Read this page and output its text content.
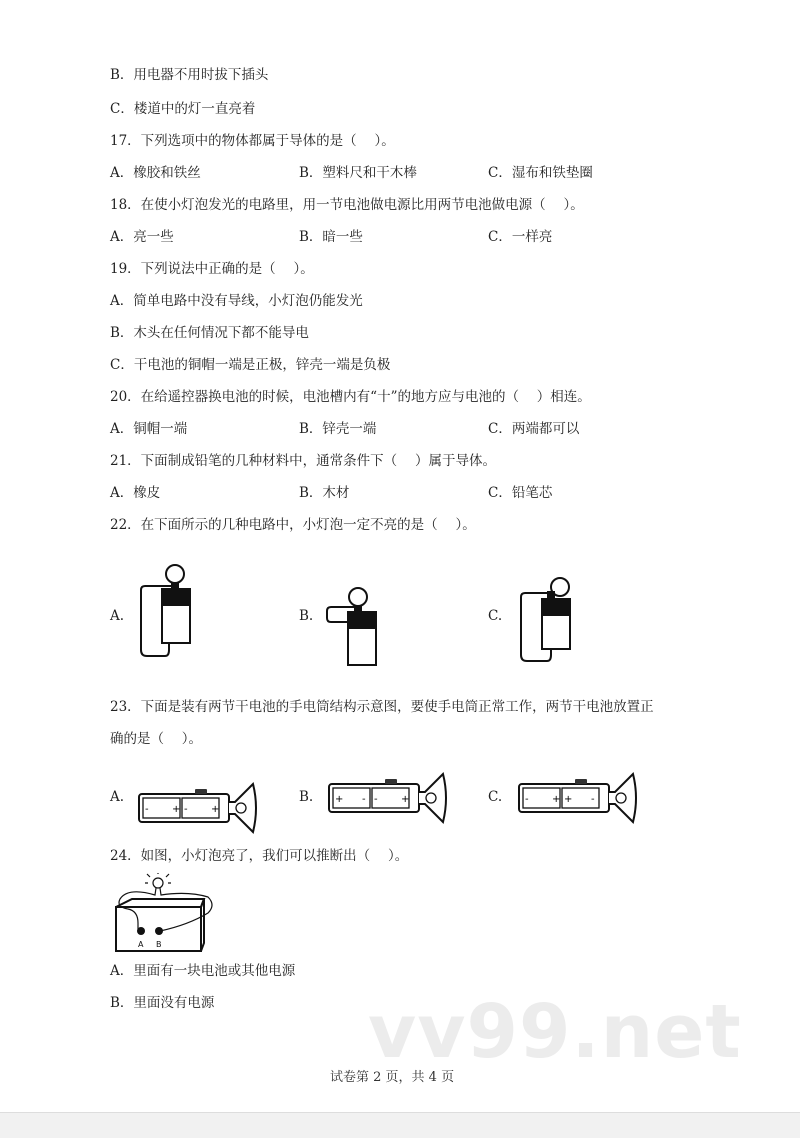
B．用电器不用时拔下插头
C．楼道中的灯一直亮着
17．下列选项中的物体都属于导体的是（　 ）。
A．橡胶和铁丝	B．塑料尺和干木棒	C．湿布和铁垫圈
18．在使小灯泡发光的电路里，用一节电池做电源比用两节电池做电源（　 ）。
A．亮一些	B．暗一些	C．一样亮
19．下列说法中正确的是（　 ）。
A．简单电路中没有导线，小灯泡仍能发光
B．木头在任何情况下都不能导电
C．干电池的铜帽一端是正极，锌壳一端是负极
20．在给遥控器换电池的时候，电池槽内有“十”的地方应与电池的（　 ）相连。
A．铜帽一端	B．锌壳一端	C．两端都可以
21．下面制成铅笔的几种材料中，通常条件下（　 ）属于导体。
A．橡皮	B．木材	C．铅笔芯
22．在下面所示的几种电路中，小灯泡一定不亮的是（　 ）。
A.	B.	C.
23．下面是装有两节干电池的手电筒结构示意图，要使手电筒正常工作，两节干电池放置正
确的是（　 ）。
A.	B.	C.
- + - +
+ - - +	- + + -
24．如图，小灯泡亮了，我们可以推断出（　 ）。
A B
A．里面有一块电池或其他电源
B．里面没有电源 vv99.net
试卷第 2 页，共 4 页
